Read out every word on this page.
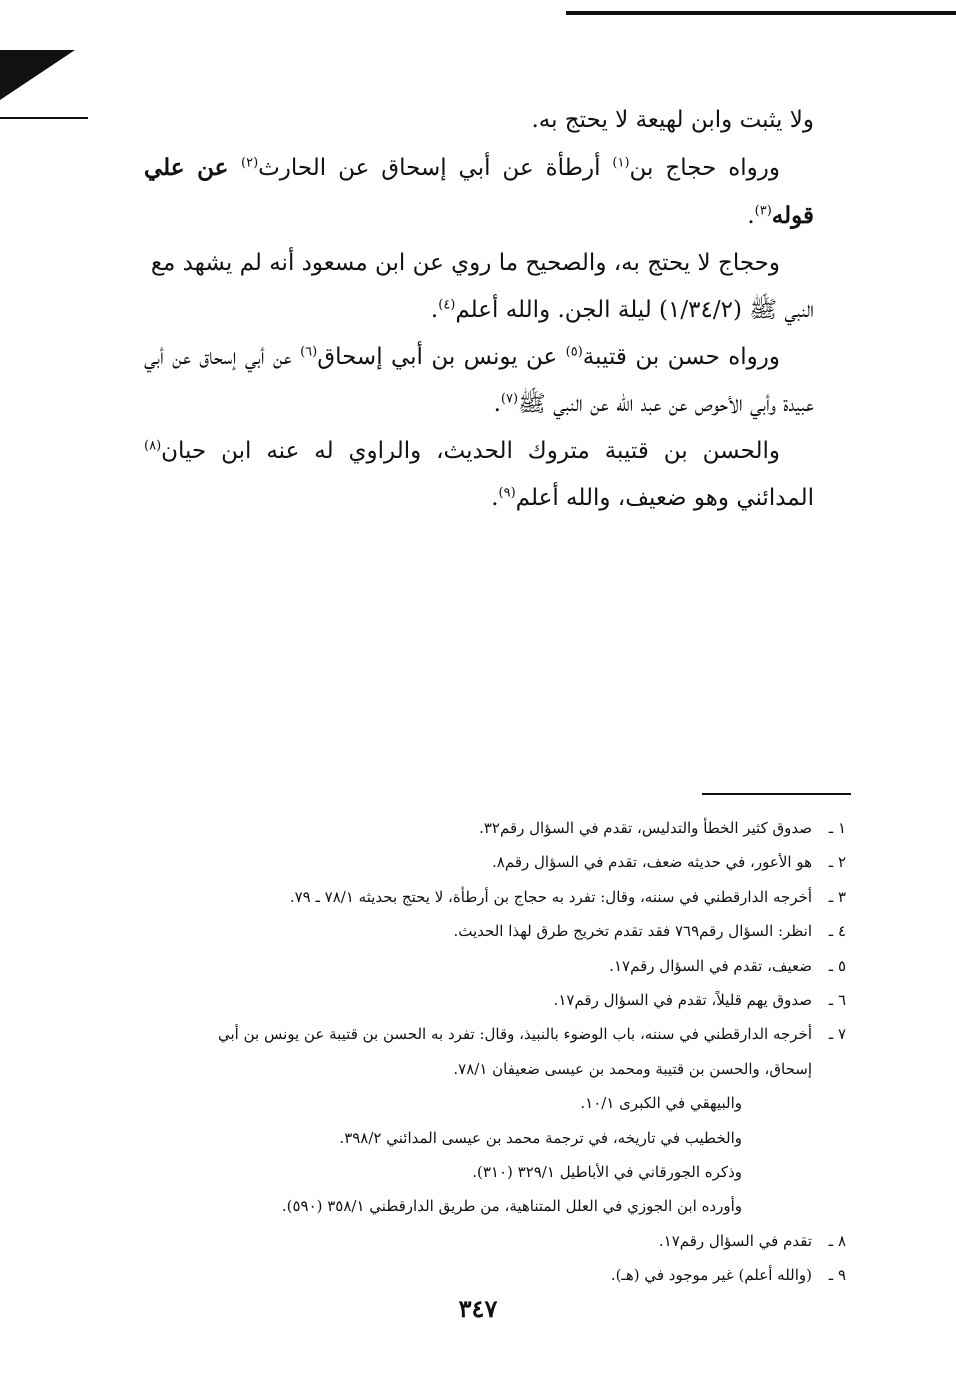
ولا يثبت وابن لهيعة لا يحتج به.

ورواه حجاج بن$^{(١)}$ أرطأة عن أبي إسحاق عن الحارث$^{(٢)}$ عن علي قوله$^{(٣)}$.

وحجاج لا يحتج به، والصحيح ما روي عن ابن مسعود أنه لم يشهد مع

النبي ﷺ (١/٣٤/٢) ليلة الجن. والله أعلم$^{(٤)}$.

ورواه حسن بن قتيبة$^{(٥)}$ عن يونس بن أبي إسحاق$^{(٦)}$ عن أبي إسحاق عن أبي عبيدة وأبي الأحوص عن عبد الله عن النبي ﷺ$^{(٧)}$.

والحسن بن قتيبة متروك الحديث، والراوي له عنه ابن حيان$^{(٨)}$ المدائني وهو ضعيف، والله أعلم$^{(٩)}$.

١ ـ
صدوق كثير الخطأ والتدليس، تقدم في السؤال رقم٣٢.
٢ ـ
هو الأعور، في حديثه ضعف، تقدم في السؤال رقم٨.
٣ ـ
أخرجه الدارقطني في سننه، وقال: تفرد به حجاج بن أرطأة، لا يحتج بحديثه ٧٨/١ ـ ٧٩.
٤ ـ
انظر: السؤال رقم٧٦٩ فقد تقدم تخريج طرق لهذا الحديث.
٥ ـ
ضعيف، تقدم في السؤال رقم١٧.
٦ ـ
صدوق يهم قليلاً، تقدم في السؤال رقم١٧.
٧ ـ
أخرجه الدارقطني في سننه، باب الوضوء بالنبيذ، وقال: تفرد به الحسن بن قتيبة عن يونس بن أبي
إسحاق، والحسن بن قتيبة ومحمد بن عيسى ضعيفان ٧٨/١.
والبيهقي في الكبرى ١٠/١.
والخطيب في تاريخه، في ترجمة محمد بن عيسى المدائني ٣٩٨/٢.
وذكره الجورقاني في الأباطيل ٣٢٩/١ (٣١٠).
وأورده ابن الجوزي في العلل المتناهية، من طريق الدارقطني ٣٥٨/١ (٥٩٠).
٨ ـ
تقدم في السؤال رقم١٧.
٩ ـ
(والله أعلم) غير موجود في (هـ).
٣٤٧
